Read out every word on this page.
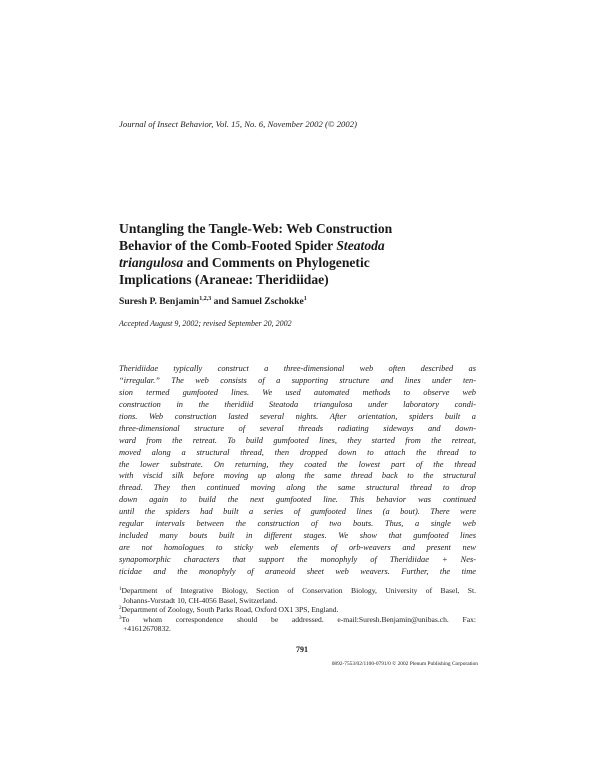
Journal of Insect Behavior, Vol. 15, No. 6, November 2002 (© 2002)
Untangling the Tangle-Web: Web Construction
Behavior of the Comb-Footed Spider Steatoda
triangulosa and Comments on Phylogenetic
Implications (Araneae: Theridiidae)
Suresh P. Benjamin$^{1,2,3}$ and Samuel Zschokke$^1$
Accepted August 9, 2002; revised September 20, 2002
Theridiidae typically construct a three-dimensional web often described as
“irregular.” The web consists of a supporting structure and lines under ten-
sion termed gumfooted lines. We used automated methods to observe web
construction in the theridiid Steatoda triangulosa under laboratory condi-
tions. Web construction lasted several nights. After orientation, spiders built a
three-dimensional structure of several threads radiating sideways and down-
ward from the retreat. To build gumfooted lines, they started from the retreat,
moved along a structural thread, then dropped down to attach the thread to
the lower substrate. On returning, they coated the lowest part of the thread
with viscid silk before moving up along the same thread back to the structural
thread. They then continued moving along the same structural thread to drop
down again to build the next gumfooted line. This behavior was continued
until the spiders had built a series of gumfooted lines (a bout). There were
regular intervals between the construction of two bouts. Thus, a single web
included many bouts built in different stages. We show that gumfooted lines
are not homologues to sticky web elements of orb-weavers and present new
synapomorphic characters that support the monophyly of Theridiidae + Nes-
ticidae and the monophyly of araneoid sheet web weavers. Further, the time
$^1$Department of Integrative Biology, Section of Conservation Biology, University of Basel, St.
Johanns-Vorstadt 10, CH-4056 Basel, Switzerland.
$^2$Department of Zoology, South Parks Road, Oxford OX1 3PS, England.
$^3$To whom correspondence should be addressed. e-mail:Suresh.Benjamin@unibas.ch. Fax:
+41612670832.
791
0892-7553/02/1100-0791/0 © 2002 Plenum Publishing Corporation
